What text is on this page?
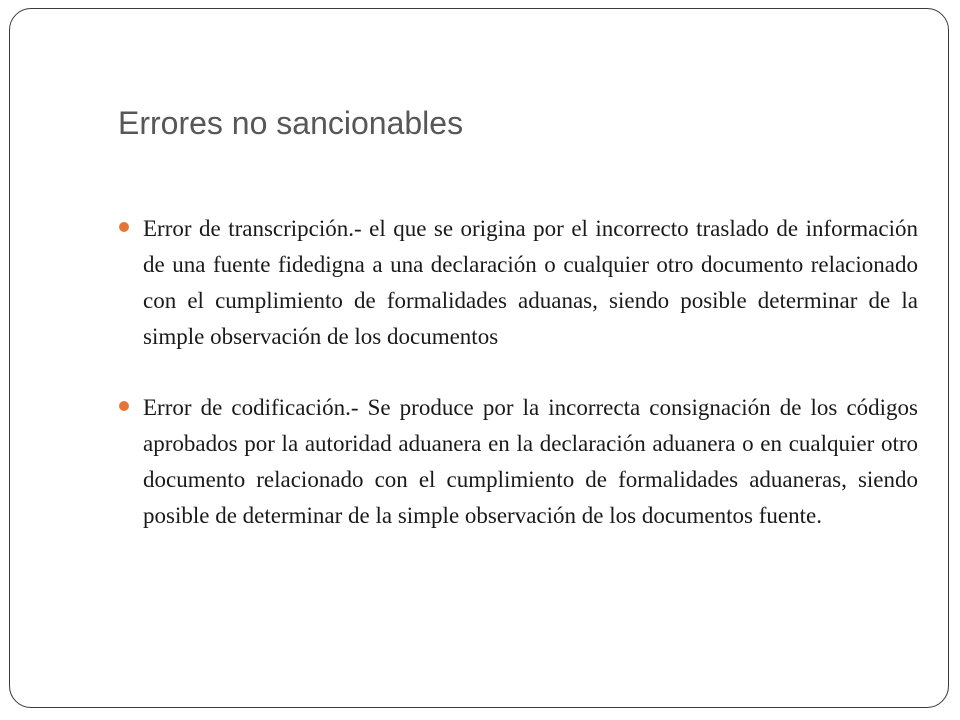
Errores no sancionables
Error de transcripción.- el que se origina por el incorrecto traslado de información de una fuente fidedigna a una declaración o cualquier otro documento relacionado con el cumplimiento de formalidades aduanas, siendo posible determinar de la simple observación de los documentos
Error de codificación.- Se produce por la incorrecta consignación de los códigos aprobados por la autoridad aduanera en la declaración aduanera o en cualquier otro documento relacionado con el cumplimiento de formalidades aduaneras, siendo posible de determinar de la simple observación de los documentos fuente.
